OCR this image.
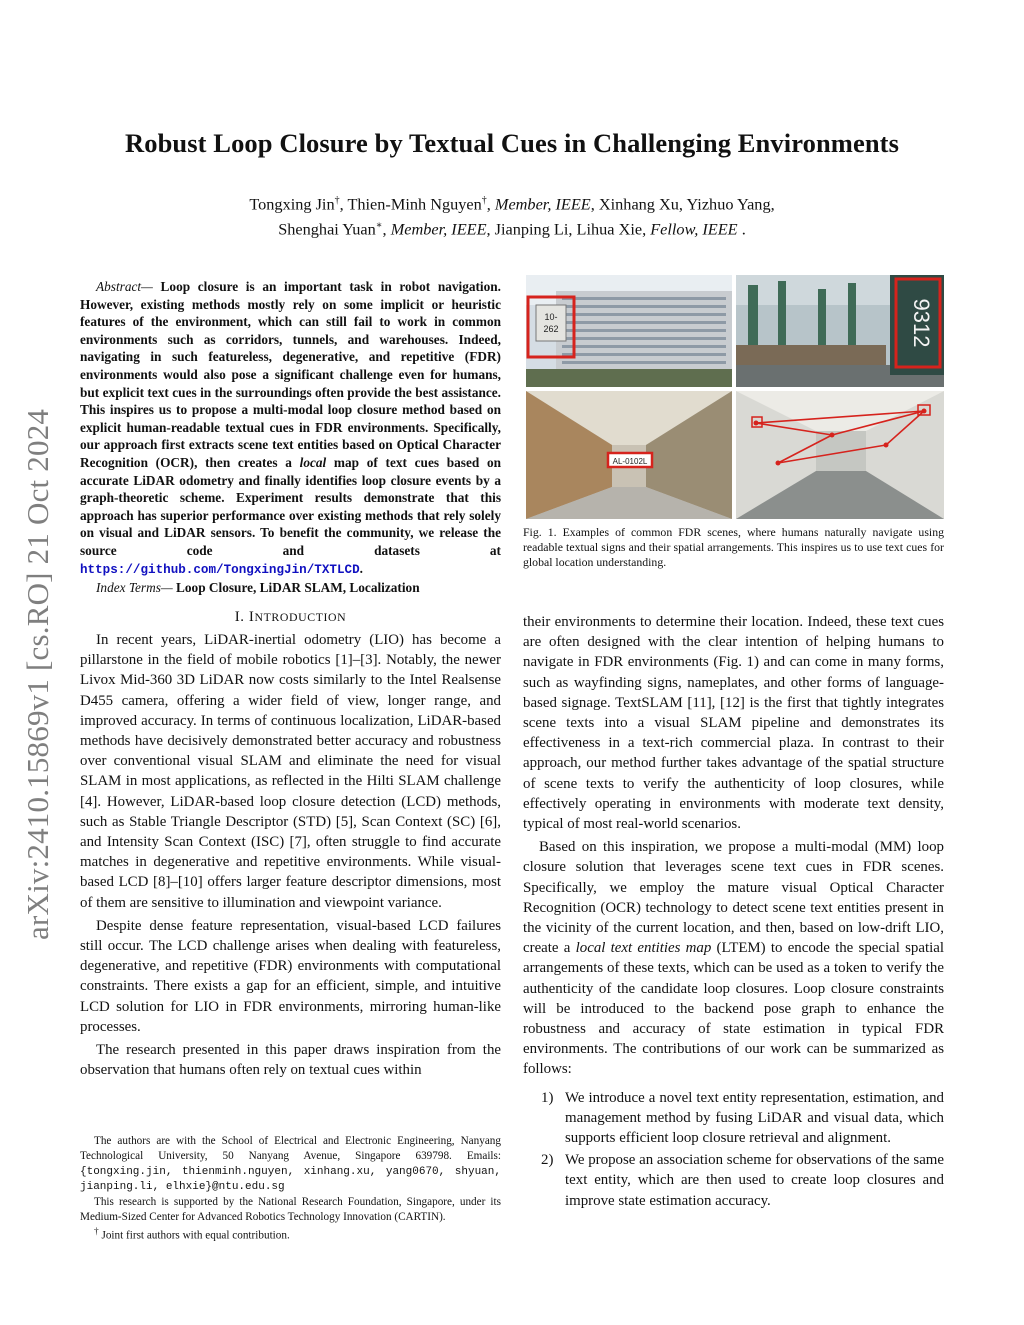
arXiv:2410.15869v1 [cs.RO] 21 Oct 2024
Robust Loop Closure by Textual Cues in Challenging Environments
Tongxing Jin†, Thien-Minh Nguyen†, Member, IEEE, Xinhang Xu, Yizhuo Yang,
Shenghai Yuan∗, Member, IEEE, Jianping Li, Lihua Xie, Fellow, IEEE .

Abstract— Loop closure is an important task in robot navigation. However, existing methods mostly rely on some implicit or heuristic features of the environment, which can still fail to work in common environments such as corridors, tunnels, and warehouses. Indeed, navigating in such featureless, degenerative, and repetitive (FDR) environments would also pose a significant challenge even for humans, but explicit text cues in the surroundings often provide the best assistance. This inspires us to propose a multi-modal loop closure method based on explicit human-readable textual cues in FDR environments. Specifically, our approach first extracts scene text entities based on Optical Character Recognition (OCR), then creates a local map of text cues based on accurate LiDAR odometry and finally identifies loop closure events by a graph-theoretic scheme. Experiment results demonstrate that this approach has superior performance over existing methods that rely solely on visual and LiDAR sensors. To benefit the community, we release the source code and datasets at https://github.com/TongxingJin/TXTLCD.

Index Terms— Loop Closure, LiDAR SLAM, Localization

I. INTRODUCTION

In recent years, LiDAR-inertial odometry (LIO) has become a pillarstone in the field of mobile robotics [1]–[3]. Notably, the newer Livox Mid-360 3D LiDAR now costs similarly to the Intel Realsense D455 camera, offering a wider field of view, longer range, and improved accuracy. In terms of continuous localization, LiDAR-based methods have decisively demonstrated better accuracy and robustness over conventional visual SLAM and eliminate the need for visual SLAM in most applications, as reflected in the Hilti SLAM challenge [4]. However, LiDAR-based loop closure detection (LCD) methods, such as Stable Triangle Descriptor (STD) [5], Scan Context (SC) [6], and Intensity Scan Context (ISC) [7], often struggle to find accurate matches in degenerative and repetitive environments. While visual-based LCD [8]–[10] offers larger feature descriptor dimensions, most of them are sensitive to illumination and viewpoint variance.

Despite dense feature representation, visual-based LCD failures still occur. The LCD challenge arises when dealing with featureless, degenerative, and repetitive (FDR) environments with computational constraints. There exists a gap for an efficient, simple, and intuitive LCD solution for LIO in FDR environments, mirroring human-like processes.

The research presented in this paper draws inspiration from the observation that humans often rely on textual cues within

The authors are with the School of Electrical and Electronic Engineering, Nanyang Technological University, 50 Nanyang Avenue, Singapore 639798. Emails: {tongxing.jin, thienminh.nguyen, xinhang.xu, yang0670, shyuan, jianping.li, elhxie}@ntu.edu.sg

This research is supported by the National Research Foundation, Singapore, under its Medium-Sized Center for Advanced Robotics Technology Innovation (CARTIN).

† Joint first authors with equal contribution.

10-
262	9312
AL-0102L
Fig. 1. Examples of common FDR scenes, where humans naturally navigate using readable textual signs and their spatial arrangements. This inspires us to use text cues for global location understanding.

their environments to determine their location. Indeed, these text cues are often designed with the clear intention of helping humans to navigate in FDR environments (Fig. 1) and can come in many forms, such as wayfinding signs, nameplates, and other forms of language-based signage. TextSLAM [11], [12] is the first that tightly integrates scene texts into a visual SLAM pipeline and demonstrates its effectiveness in a text-rich commercial plaza. In contrast to their approach, our method further takes advantage of the spatial structure of scene texts to verify the authenticity of loop closures, while effectively operating in environments with moderate text density, typical of most real-world scenarios.

Based on this inspiration, we propose a multi-modal (MM) loop closure solution that leverages scene text cues in FDR scenes. Specifically, we employ the mature visual Optical Character Recognition (OCR) technology to detect scene text entities present in the vicinity of the current location, and then, based on low-drift LIO, create a local text entities map (LTEM) to encode the special spatial arrangements of these texts, which can be used as a token to verify the authenticity of the candidate loop closures. Loop closure constraints will be introduced to the backend pose graph to enhance the robustness and accuracy of state estimation in typical FDR environments. The contributions of our work can be summarized as follows:

1) We introduce a novel text entity representation, estimation, and management method by fusing LiDAR and visual data, which supports efficient loop closure retrieval and alignment.
2) We propose an association scheme for observations of the same text entity, which are then used to create loop closures and improve state estimation accuracy.
